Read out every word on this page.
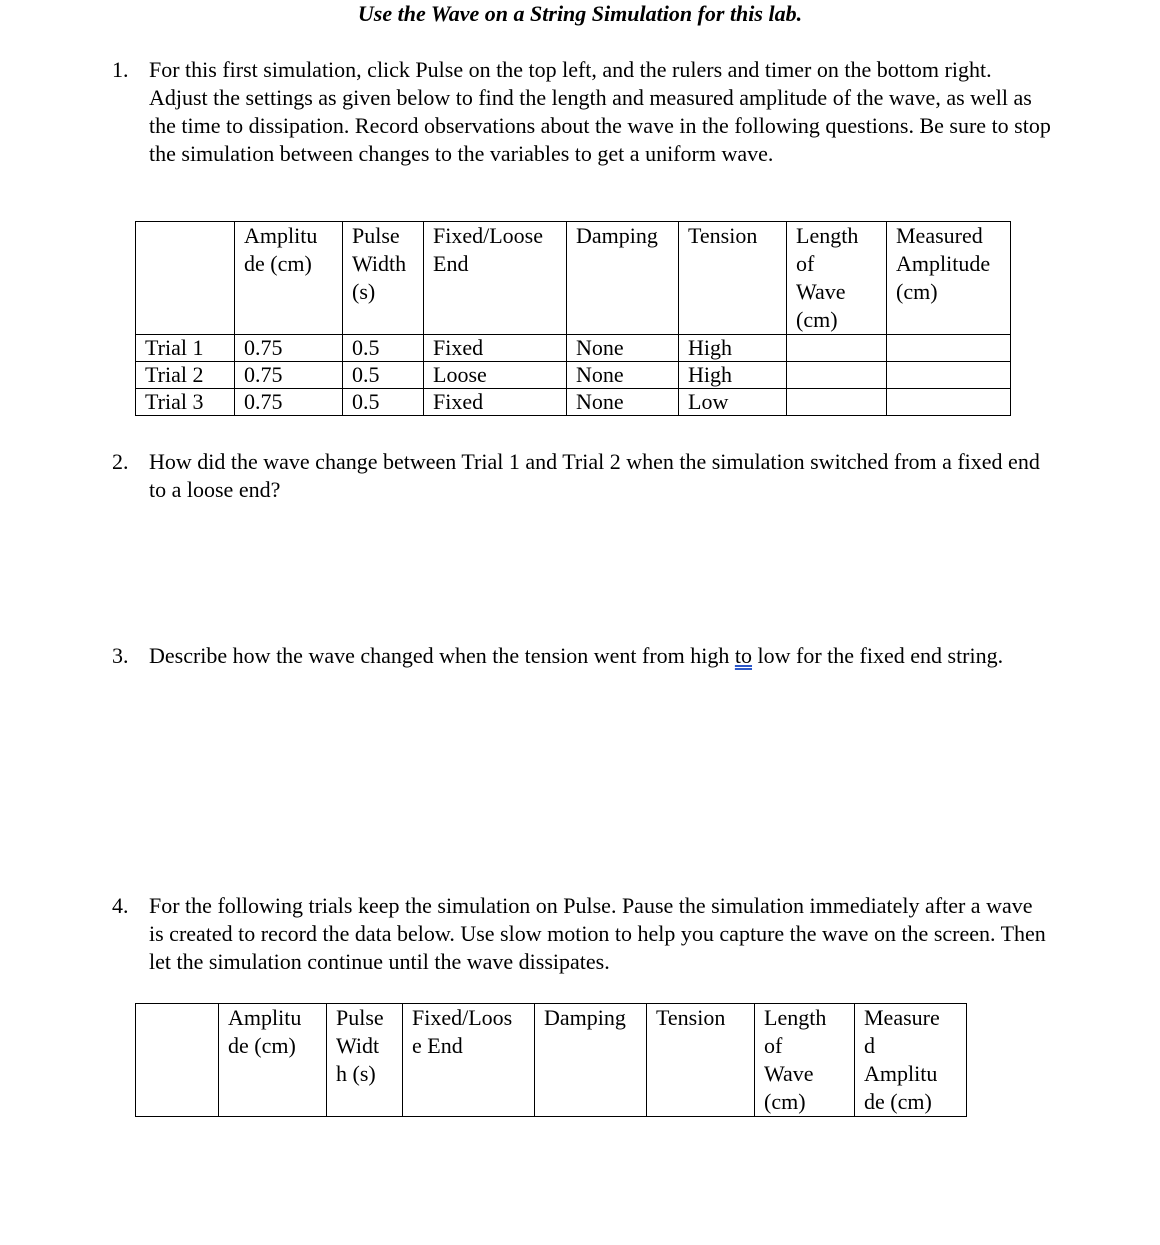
Use the Wave on a String Simulation for this lab.
1. For this first simulation, click Pulse on the top left, and the rulers and timer on the bottom right. Adjust the settings as given below to find the length and measured amplitude of the wave, as well as the time to dissipation. Record observations about the wave in the following questions. Be sure to stop the simulation between changes to the variables to get a uniform wave.
	Amplitu
de (cm)	Pulse
Width
(s)	Fixed/Loose
End	Damping	Tension	Length
of
Wave
(cm)	Measured
Amplitude
(cm)
Trial 1	0.75	0.5	Fixed	None	High		
Trial 2	0.75	0.5	Loose	None	High		
Trial 3	0.75	0.5	Fixed	None	Low		
2. How did the wave change between Trial 1 and Trial 2 when the simulation switched from a fixed end to a loose end?
3. Describe how the wave changed when the tension went from high to low for the fixed end string.
4. For the following trials keep the simulation on Pulse. Pause the simulation immediately after a wave is created to record the data below. Use slow motion to help you capture the wave on the screen. Then let the simulation continue until the wave dissipates.
	Amplitu
de (cm)	Pulse
Widt
h (s)	Fixed/Loos
e End	Damping	Tension	Length
of
Wave
(cm)	Measure
d
Amplitu
de (cm)
